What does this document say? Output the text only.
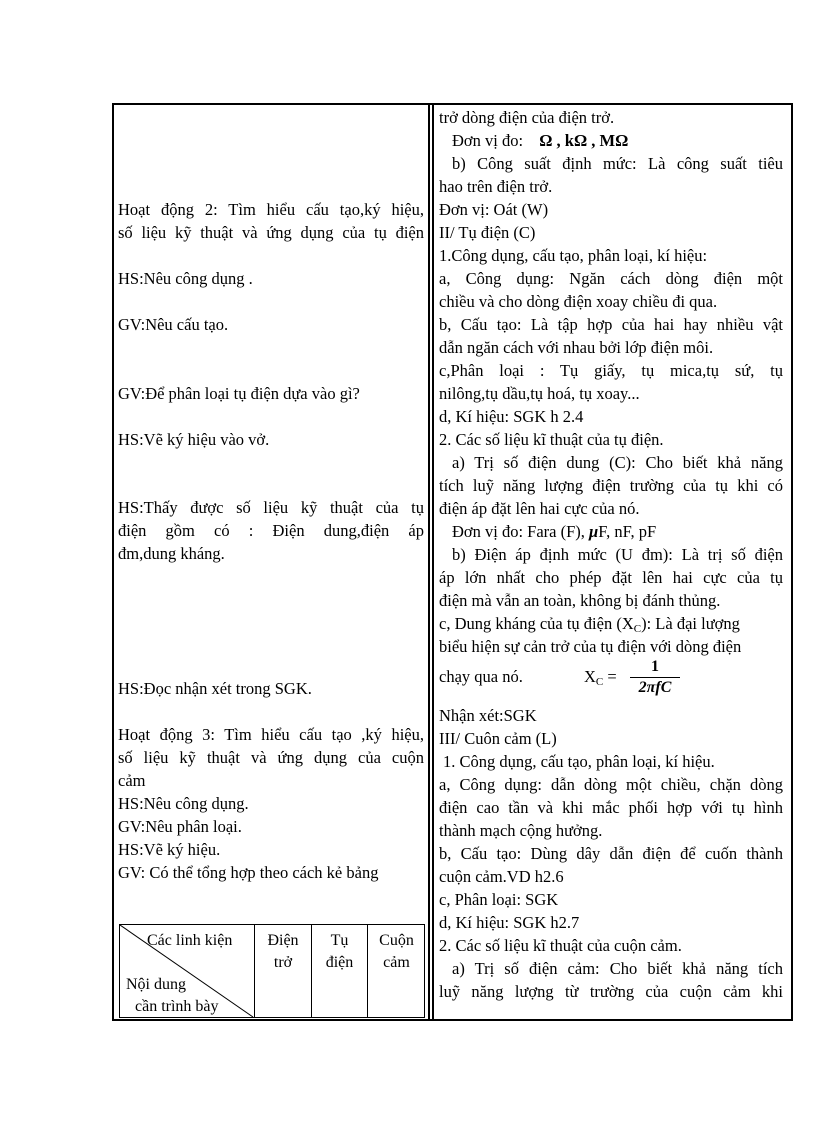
Hoạt động 2: Tìm hiểu cấu tạo,ký hiệu,
số liệu kỹ thuật và ứng dụng của tụ điện
HS:Nêu công dụng .
GV:Nêu cấu tạo.
GV:Để phân loại tụ điện dựa vào gì?
HS:Vẽ ký hiệu vào vở.
HS:Thấy được số liệu kỹ thuật của tụ
điện gồm có : Điện dung,điện áp
đm,dung kháng.
HS:Đọc nhận xét trong SGK.
Hoạt động 3: Tìm hiểu cấu tạo ,ký hiệu,
số liệu kỹ thuật và ứng dụng của cuộn
cảm
HS:Nêu công dụng.
GV:Nêu phân loại.
HS:Vẽ ký hiệu.
GV: Có thể tổng hợp theo cách kẻ bảng
Các linh kiện
Nội dung
cần trình bày
Điện
trở
Tụ
điện
Cuộn
cảm
trở dòng điện của điện trở.
Đơn vị đo: Ω , kΩ , MΩ
b) Công suất định mức: Là công suất tiêu
hao trên điện trở.
Đơn vị: Oát (W)
II/ Tụ điện (C)
1.Công dụng, cấu tạo, phân loại, kí hiệu:
a, Công dụng: Ngăn cách dòng điện một
chiều và cho dòng điện xoay chiều đi qua.
b, Cấu tạo: Là tập hợp của hai hay nhiều vật
dẫn ngăn cách với nhau bởi lớp điện môi.
c,Phân loại : Tụ giấy, tụ mica,tụ sứ, tụ
nilông,tụ dầu,tụ hoá, tụ xoay...
d, Kí hiệu: SGK h 2.4
2. Các số liệu kĩ thuật của tụ điện.
a) Trị số điện dung (C): Cho biết khả năng
tích luỹ năng lượng điện trường của tụ khi có
điện áp đặt lên hai cực của nó.
Đơn vị đo: Fara (F), μF, nF, pF
b) Điện áp định mức (U đm): Là trị số điện
áp lớn nhất cho phép đặt lên hai cực của tụ
điện mà vẫn an toàn, không bị đánh thủng.
c, Dung kháng của tụ điện $(X_C)$: Là đại lượng
biểu hiện sự cản trở của tụ điện với dòng điện
chạy qua nó.	$X_C$ =
1
2πfC
Nhận xét:SGK
III/ Cuôn cảm (L)
1. Công dụng, cấu tạo, phân loại, kí hiệu.
a, Công dụng: dẫn dòng một chiều, chặn dòng
điện cao tần và khi mắc phối hợp với tụ hình
thành mạch cộng hưởng.
b, Cấu tạo: Dùng dây dẫn điện để cuốn thành
cuộn cảm.VD h2.6
c, Phân loại: SGK
d, Kí hiệu: SGK h2.7
2. Các số liệu kĩ thuật của cuộn cảm.
a) Trị số điện cảm: Cho biết khả năng tích
luỹ năng lượng từ trường của cuộn cảm khi
